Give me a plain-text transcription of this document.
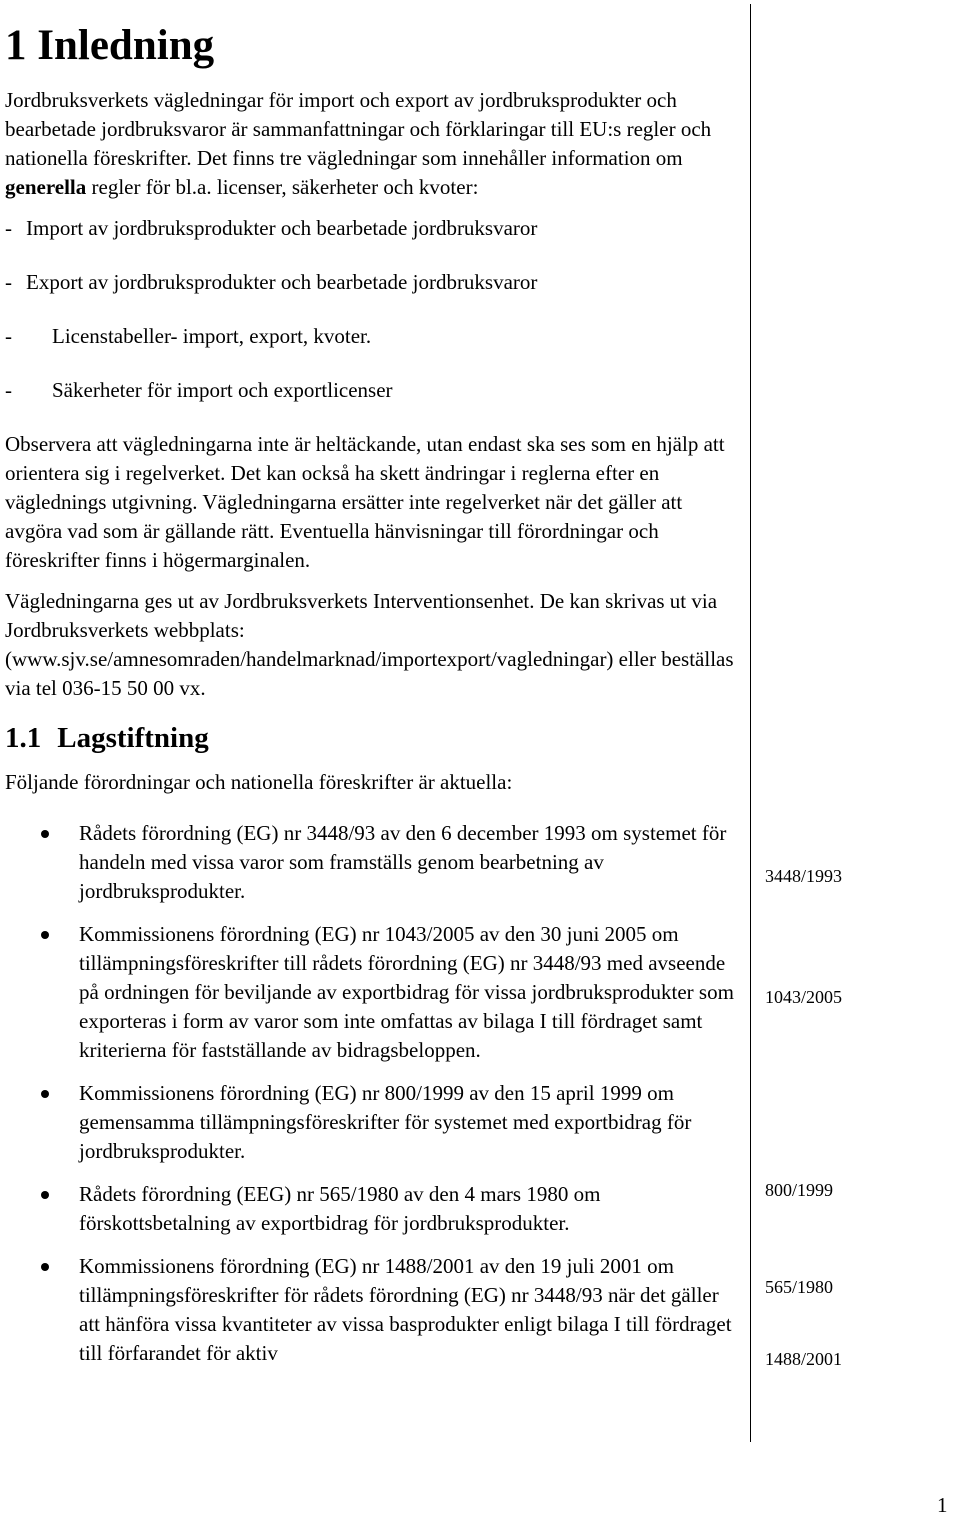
1 Inledning

Jordbruksverkets vägledningar för import och export av jordbruksprodukter och bearbetade jordbruksvaror är sammanfattningar och förklaringar till EU:s regler och nationella föreskrifter. Det finns tre vägledningar som innehåller information om generella regler för bl.a. licenser, säkerheter och kvoter:

- Import av jordbruksprodukter och bearbetade jordbruksvaror
- Export av jordbruksprodukter och bearbetade jordbruksvaror
-	Licenstabeller- import, export, kvoter.
-	Säkerheter för import och exportlicenser

Observera att vägledningarna inte är heltäckande, utan endast ska ses som en hjälp att orientera sig i regelverket. Det kan också ha skett ändringar i reglerna efter en väglednings utgivning. Vägledningarna ersätter inte regelverket när det gäller att avgöra vad som är gällande rätt. Eventuella hänvisningar till förordningar och föreskrifter finns i högermarginalen.

Vägledningarna ges ut av Jordbruksverkets Interventionsenhet. De kan skrivas ut via Jordbruksverkets webbplats: (www.sjv.se/amnesomraden/handelmarknad/importexport/vagledningar) eller beställas via tel 036-15 50 00 vx.

1.1 Lagstiftning

Följande förordningar och nationella föreskrifter är aktuella:

Rådets förordning (EG) nr 3448/93 av den 6 december 1993 om systemet för handeln med vissa varor som framställs genom bearbetning av jordbruksprodukter.
Kommissionens förordning (EG) nr 1043/2005 av den 30 juni 2005 om tillämpningsföreskrifter till rådets förordning (EG) nr 3448/93 med avseende på ordningen för beviljande av exportbidrag för vissa jordbruksprodukter som exporteras i form av varor som inte omfattas av bilaga I till fördraget samt kriterierna för fastställande av bidragsbeloppen.
Kommissionens förordning (EG) nr 800/1999 av den 15 april 1999 om gemensamma tillämpningsföreskrifter för systemet med exportbidrag för jordbruksprodukter.
Rådets förordning (EEG) nr 565/1980 av den 4 mars 1980 om förskottsbetalning av exportbidrag för jordbruksprodukter.
Kommissionens förordning (EG) nr 1488/2001 av den 19 juli 2001 om tillämpningsföreskrifter för rådets förordning (EG) nr 3448/93 när det gäller att hänföra vissa kvantiteter av vissa basprodukter enligt bilaga I till fördraget till förfarandet för aktiv
3448/1993
1043/2005
800/1999
565/1980
1488/2001
1
